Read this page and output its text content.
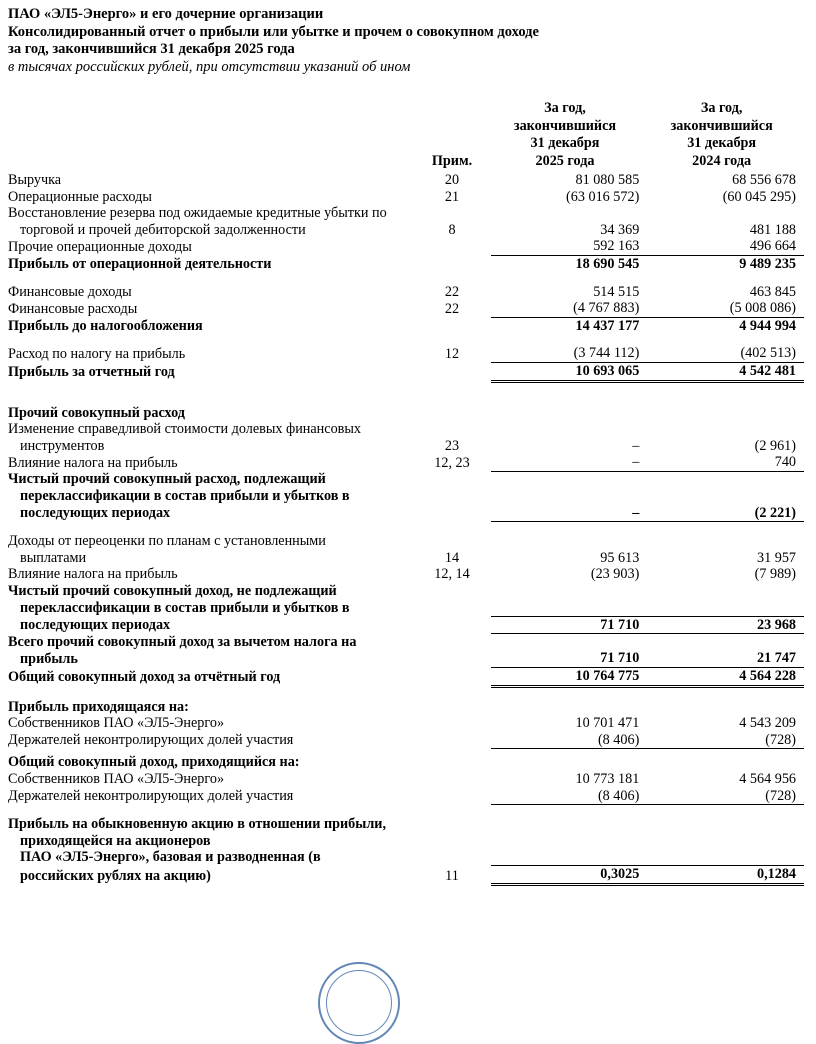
ПАО «ЭЛ5-Энерго» и его дочерние организации
Консолидированный отчет о прибыли или убытке и прочем о совокупном доходе
за год, закончившийся 31 декабря 2025 года
в тысячах российских рублей, при отсутствии указаний об ином

Прим.

За год,
закончившийся
31 декабря
2025 года

За год,
закончившийся
31 декабря
2024 года

Выручка	20	81 080 585	68 556 678
Операционные расходы	21	(63 016 572)	(60 045 295)
Восстановление резерва под ожидаемые кредитные убытки по			
торговой и прочей дебиторской задолженности	8	34 369	481 188
Прочие операционные доходы		592 163	496 664
Прибыль от операционной деятельности		18 690 545	9 489 235

Финансовые доходы	22	514 515	463 845
Финансовые расходы	22	(4 767 883)	(5 008 086)
Прибыль до налогообложения		14 437 177	4 944 994

Расход по налогу на прибыль	12	(3 744 112)	(402 513)
Прибыль за отчетный год		10 693 065	4 542 481

Прочий совокупный расход			
Изменение справедливой стоимости долевых финансовых			
инструментов	23	–	(2 961)
Влияние налога на прибыль	12, 23	–	740
Чистый прочий совокупный расход, подлежащий			
переклассификации в состав прибыли и убытков в			
последующих периодах		–	(2 221)

Доходы от переоценки по планам с установленными			
выплатами	14	95 613	31 957
Влияние налога на прибыль	12, 14	(23 903)	(7 989)
Чистый прочий совокупный доход, не подлежащий			
переклассификации в состав прибыли и убытков в			
последующих периодах		71 710	23 968
Всего прочий совокупный доход за вычетом налога на			
прибыль		71 710	21 747
Общий совокупный доход за отчётный год		10 764 775	4 564 228

Прибыль приходящаяся на:			
Собственников ПАО «ЭЛ5-Энерго»		10 701 471	4 543 209
Держателей неконтролирующих долей участия		(8 406)	(728)

Общий совокупный доход, приходящийся на:			
Собственников ПАО «ЭЛ5-Энерго»		10 773 181	4 564 956
Держателей неконтролирующих долей участия		(8 406)	(728)

Прибыль на обыкновенную акцию в отношении прибыли,			
приходящейся на акционеров			
ПАО «ЭЛ5-Энерго», базовая и разводненная (в			
российских рублях на акцию)	11	0,3025	0,1284
